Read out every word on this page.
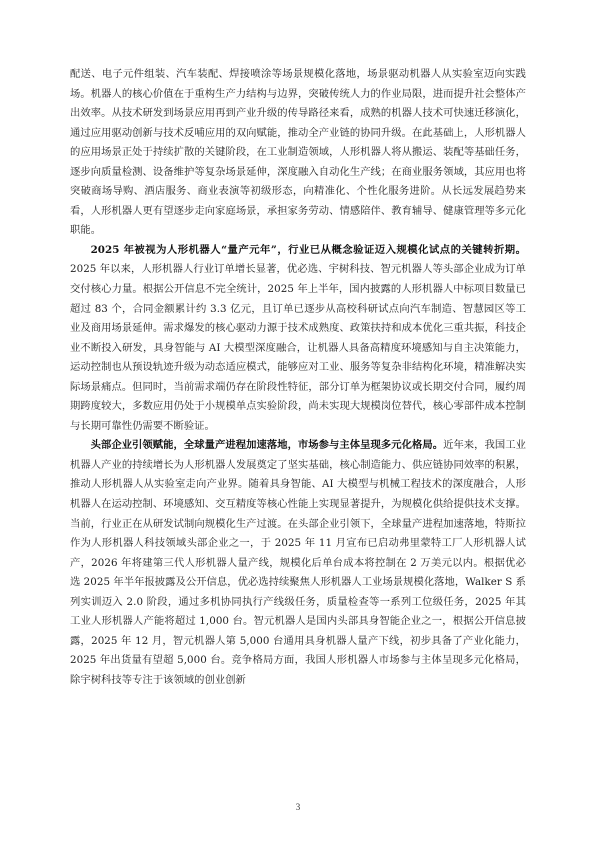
配送、电子元件组装、汽车装配、焊接喷涂等场景规模化落地，场景驱动机器人从实验室迈向实践场。机器人的核心价值在于重构生产力结构与边界，突破传统人力的作业局限，进而提升社会整体产出效率。从技术研发到场景应用再到产业升级的传导路径来看，成熟的机器人技术可快速迁移演化，通过应用驱动创新与技术反哺应用的双向赋能，推动全产业链的协同升级。在此基础上，人形机器人的应用场景正处于持续扩散的关键阶段，在工业制造领域，人形机器人将从搬运、装配等基础任务，逐步向质量检测、设备维护等复杂场景延伸，深度融入自动化生产线；在商业服务领域，其应用也将突破商场导购、酒店服务、商业表演等初级形态，向精准化、个性化服务进阶。从长远发展趋势来看，人形机器人更有望逐步走向家庭场景，承担家务劳动、情感陪伴、教育辅导、健康管理等多元化职能。

2025 年被视为人形机器人“量产元年”，行业已从概念验证迈入规模化试点的关键转折期。2025 年以来，人形机器人行业订单增长显著，优必选、宇树科技、智元机器人等头部企业成为订单交付核心力量。根据公开信息不完全统计，2025 年上半年，国内披露的人形机器人中标项目数量已超过 83 个，合同金额累计约 3.3 亿元，且订单已逐步从高校科研试点向汽车制造、智慧园区等工业及商用场景延伸。需求爆发的核心驱动力源于技术成熟度、政策扶持和成本优化三重共振，科技企业不断投入研发，具身智能与 AI 大模型深度融合，让机器人具备高精度环境感知与自主决策能力，运动控制也从预设轨迹升级为动态适应模式，能够应对工业、服务等复杂非结构化环境，精准解决实际场景痛点。但同时，当前需求端仍存在阶段性特征，部分订单为框架协议或长期交付合同，履约周期跨度较大，多数应用仍处于小规模单点实验阶段，尚未实现大规模岗位替代，核心零部件成本控制与长期可靠性仍需要不断验证。

头部企业引领赋能，全球量产进程加速落地，市场参与主体呈现多元化格局。近年来，我国工业机器人产业的持续增长为人形机器人发展奠定了坚实基础，核心制造能力、供应链协同效率的积累，推动人形机器人从实验室走向产业界。随着具身智能、AI 大模型与机械工程技术的深度融合，人形机器人在运动控制、环境感知、交互精度等核心性能上实现显著提升，为规模化供给提供技术支撑。当前，行业正在从研发试制向规模化生产过渡。在头部企业引领下，全球量产进程加速落地，特斯拉作为人形机器人科技领域头部企业之一，于 2025 年 11 月宣布已启动弗里蒙特工厂人形机器人试产，2026 年将建第三代人形机器人量产线，规模化后单台成本将控制在 2 万美元以内。根据优必选 2025 年半年报披露及公开信息，优必选持续聚焦人形机器人工业场景规模化落地，Walker S 系列实训迈入 2.0 阶段，通过多机协同执行产线级任务，质量检查等一系列工位级任务，2025 年其工业人形机器人产能将超过 1,000 台。智元机器人是国内头部具身智能企业之一，根据公开信息披露，2025 年 12 月，智元机器人第 5,000 台通用具身机器人量产下线，初步具备了产业化能力，2025 年出货量有望超 5,000 台。竞争格局方面，我国人形机器人市场参与主体呈现多元化格局，除宇树科技等专注于该领域的创业创新

3
